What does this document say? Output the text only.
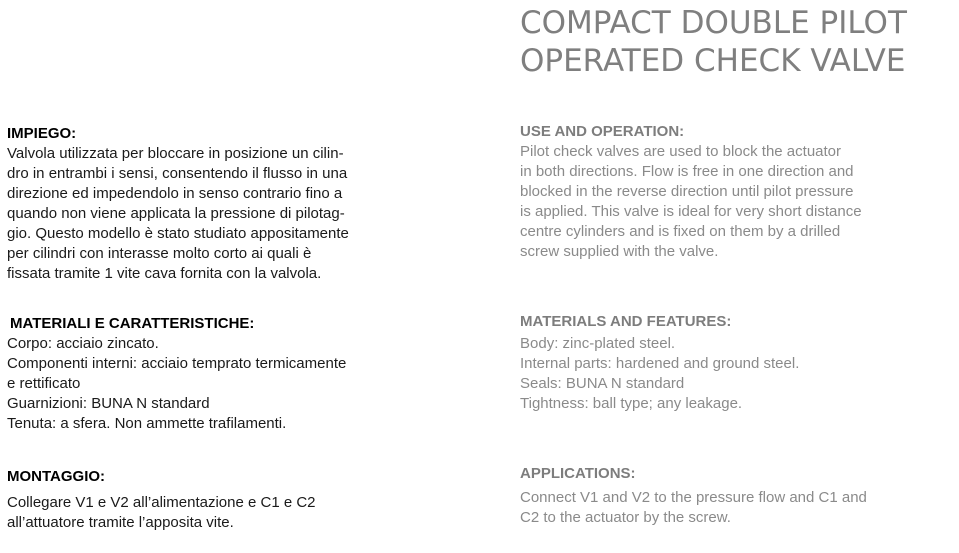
COMPACT DOUBLE PILOT
OPERATED CHECK VALVE
IMPIEGO:

Valvola utilizzata per bloccare in posizione un cilin-
dro in entrambi i sensi, consentendo il flusso in una
direzione ed impedendolo in senso contrario fino a
quando non viene applicata la pressione di pilotag-
gio. Questo modello è stato studiato appositamente
per cilindri con interasse molto corto ai quali è
fissata tramite 1 vite cava fornita con la valvola.

MATERIALI E CARATTERISTICHE:

Corpo: acciaio zincato.
Componenti interni: acciaio temprato termicamente
e rettificato
Guarnizioni: BUNA N standard
Tenuta: a sfera. Non ammette trafilamenti.

MONTAGGIO:

Collegare V1 e V2 all’alimentazione e C1 e C2
all’attuatore tramite l’apposita vite.

USE AND OPERATION:

Pilot check valves are used to block the actuator
in both directions. Flow is free in one direction and
blocked in the reverse direction until pilot pressure
is applied. This valve is ideal for very short distance
centre cylinders and is fixed on them by a drilled
screw supplied with the valve.

MATERIALS AND FEATURES:

Body: zinc-plated steel.
Internal parts: hardened and ground steel.
Seals: BUNA N standard
Tightness: ball type; any leakage.

APPLICATIONS:

Connect V1 and V2 to the pressure flow and C1 and
C2 to the actuator by the screw.
